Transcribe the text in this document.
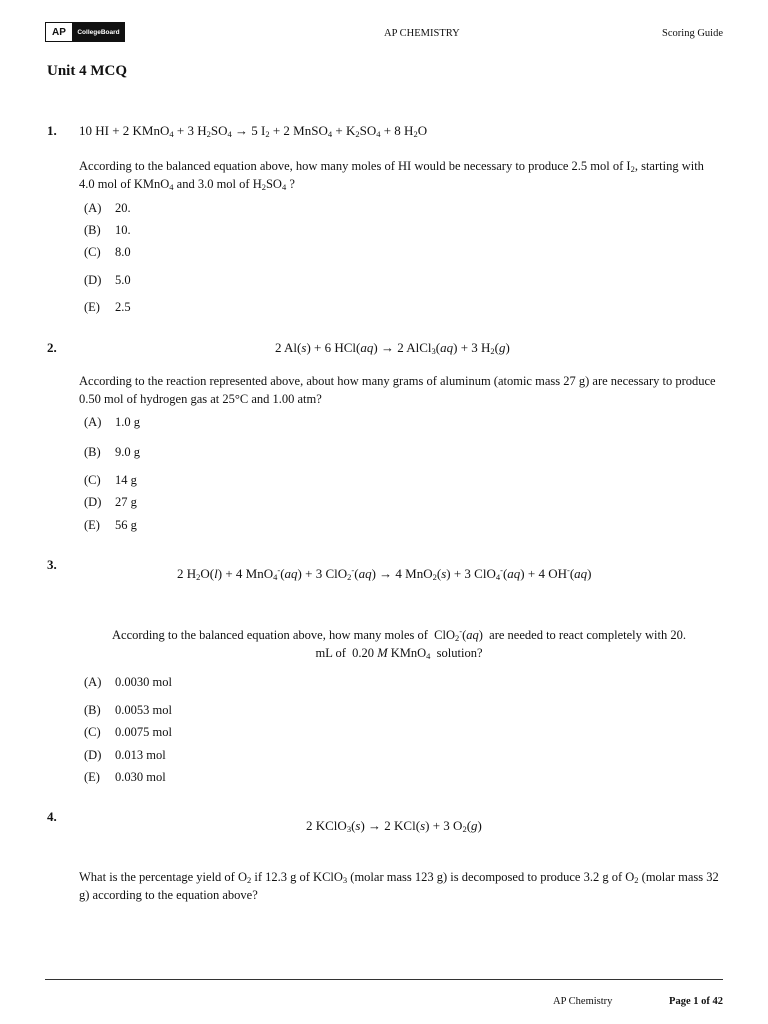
AP	CollegeBoard	AP CHEMISTRY	Scoring Guide
Unit 4 MCQ
1. 10 HI + 2 KMnO$_4$ + 3 $H_2SO_4 \to 5$ $I_2 + 2$ MnSO$_4$ + $K_2SO_4 + 8$ $H_2O$
According to the balanced equation above, how many moles of HI would be necessary to produce 2.5 mol of $I_2$, starting with 4.0 mol of KMnO$_4$ and 3.0 mol of $H_2SO_4$ ?
(A) 20.
(B) 10.
(C) 8.0
(D) 5.0
(E) 2.5
2.	2 Al(s) + 6 HCl(aq) → 2 AlCl$_3$(aq) + 3 $H_2(g)$
According to the reaction represented above, about how many grams of aluminum (atomic mass 27 g) are necessary to produce 0.50 mol of hydrogen gas at 25°C and 1.00 atm?
(A) 1.0 g
(B) 9.0 g
(C) 14 g
(D) 27 g
(E) 56 g
3.
2 $H_2O(l) + 4$ MnO$_4$-(aq) + 3 ClO$_2$-(aq) → 4 MnO$_2$(s) + 3 ClO$_4$-(aq) + 4 OH-(aq)
According to the balanced equation above, how many moles of  ClO$_2$-(aq)  are needed to react completely with 20.
mL of  0.20 M KMnO$_4$  solution?
(A) 0.0030 mol
(B) 0.0053 mol
(C) 0.0075 mol
(D) 0.013 mol
(E) 0.030 mol
4.
2 KClO$_3$(s) → 2 KCl(s) + 3 $O_2(g)$
What is the percentage yield of $O_2$ if 12.3 g of KClO$_3$ (molar mass 123 g) is decomposed to produce 3.2 g of $O_2$ (molar mass 32 g) according to the equation above?
AP Chemistry	Page 1 of 42
